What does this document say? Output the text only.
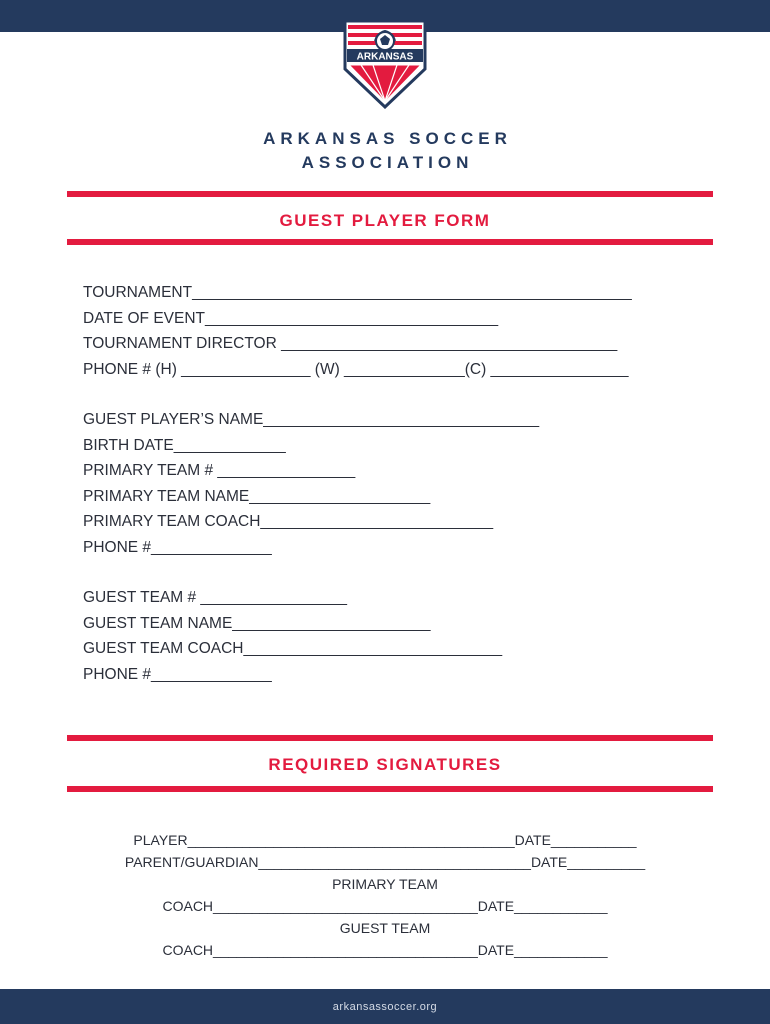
ARKANSAS
ARKANSAS SOCCER
ASSOCIATION
GUEST PLAYER FORM
TOURNAMENT___________________________________________________
DATE OF EVENT__________________________________
TOURNAMENT DIRECTOR _______________________________________
PHONE # (H) _______________ (W) ______________(C) ________________
GUEST PLAYER’S NAME________________________________
BIRTH DATE_____________
PRIMARY TEAM # ________________
PRIMARY TEAM NAME_____________________
PRIMARY TEAM COACH___________________________
PHONE #______________
GUEST TEAM # _________________
GUEST TEAM NAME_______________________
GUEST TEAM COACH______________________________
PHONE #______________
REQUIRED SIGNATURES
PLAYER__________________________________________DATE___________
PARENT/GUARDIAN___________________________________DATE__________
PRIMARY TEAM
COACH__________________________________DATE____________
GUEST TEAM
COACH__________________________________DATE____________
arkansassoccer.org
